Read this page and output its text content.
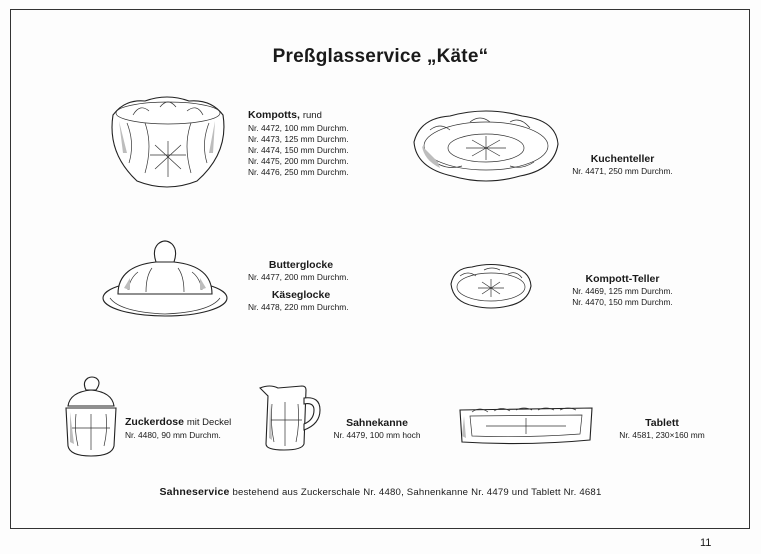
Preßglasservice „Käte“
Kompotts, rund
Nr. 4472, 100 mm Durchm.
Nr. 4473, 125 mm Durchm.
Nr. 4474, 150 mm Durchm.
Nr. 4475, 200 mm Durchm.
Nr. 4476, 250 mm Durchm.
Kuchenteller
Nr. 4471, 250 mm Durchm.
Butterglocke
Nr. 4477, 200 mm Durchm.
Käseglocke
Nr. 4478, 220 mm Durchm.
Kompott-Teller
Nr. 4469, 125 mm Durchm.
Nr. 4470, 150 mm Durchm.
Zuckerdose mit Deckel
Nr. 4480, 90 mm Durchm.
Sahnekanne
Nr. 4479, 100 mm hoch
Tablett
Nr. 4581, 230×160 mm
Sahneservice bestehend aus Zuckerschale Nr. 4480, Sahnenkanne Nr. 4479 und Tablett Nr. 4681
11
